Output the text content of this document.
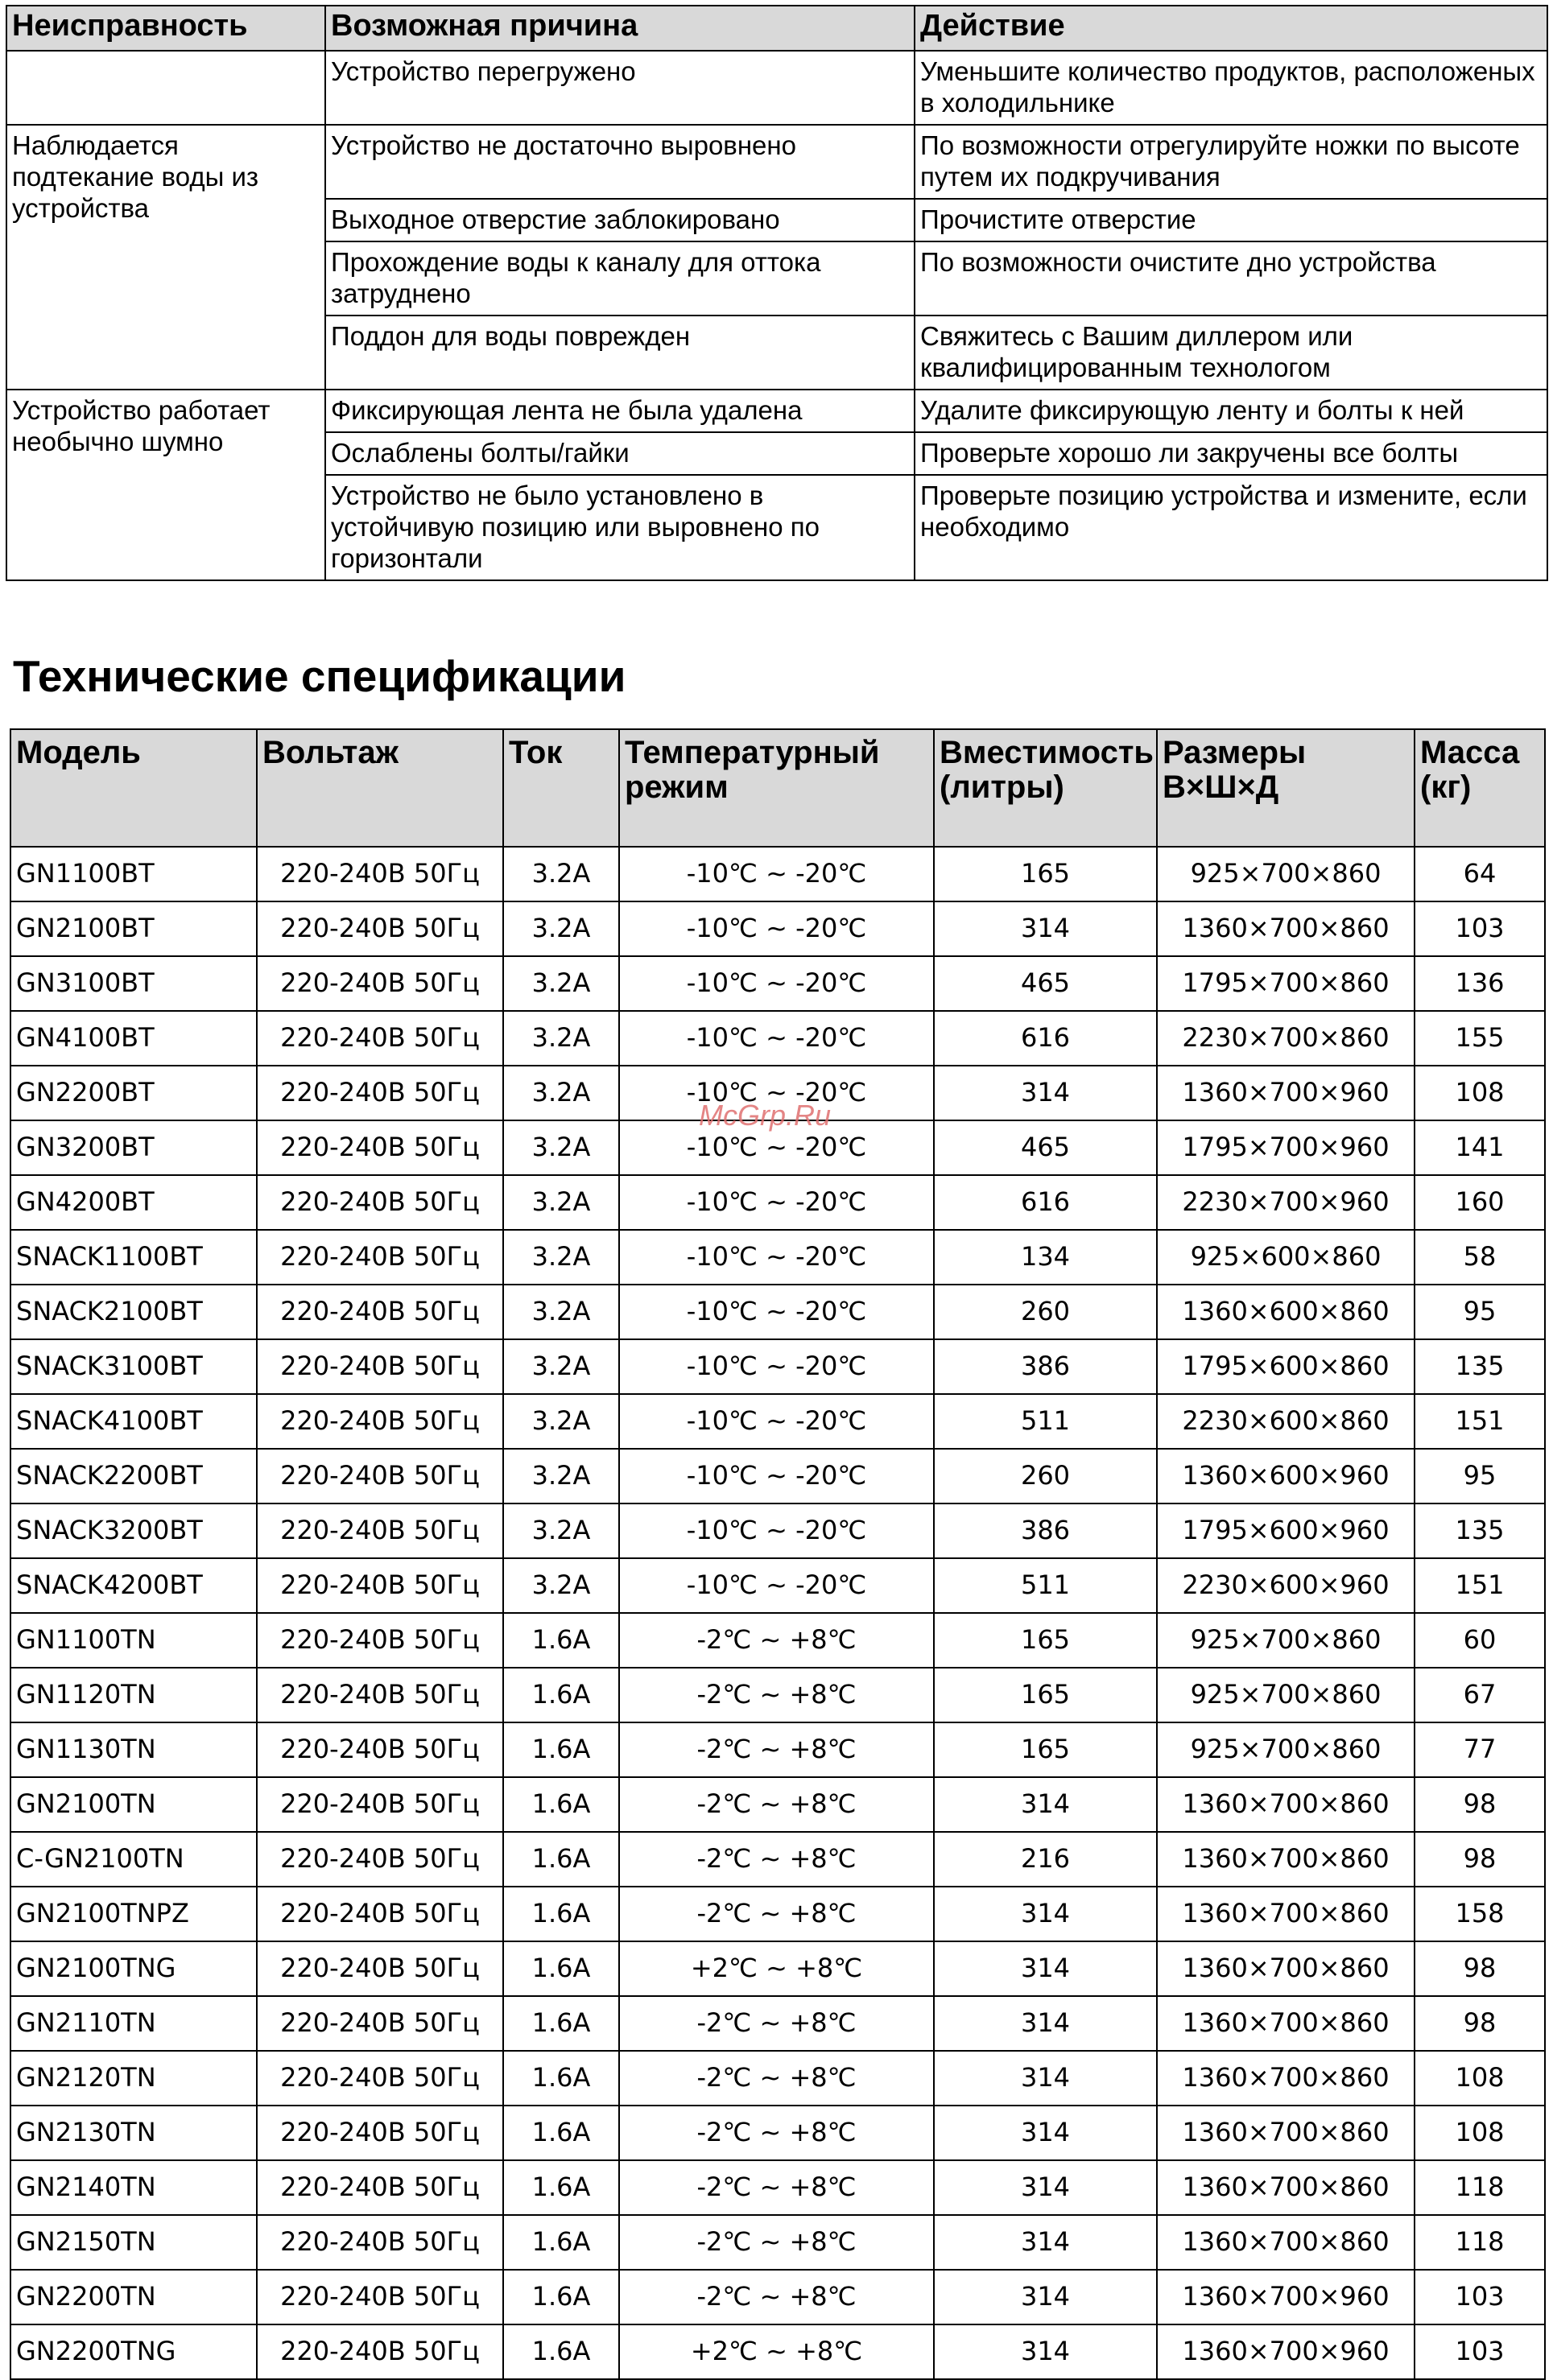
Неисправность	Возможная причина	Действие
	Устройство перегружено	Уменьшите количество продуктов, расположеных в холодильнике
Наблюдается подтекание воды из устройства	Устройство не достаточно выровнено	По возможности отрегулируйте ножки по высоте путем их подкручивания
	Выходное отверстие заблокировано	Прочистите отверстие
	Прохождение воды к каналу для оттока затруднено	По возможности очистите дно устройства
	Поддон для воды поврежден	Свяжитесь с Вашим диллером или квалифицированным технологом
Устройство работает необычно шумно	Фиксирующая лента не была удалена	Удалите фиксирующую ленту и болты к ней
	Ослаблены болты/гайки	Проверьте хорошо ли закручены все болты
	Устройство не было установлено в устойчивую позицию или выровнено по горизонтали	Проверьте позицию устройства и измените, если необходимо
Технические спецификации
Модель	Вольтаж	Ток	Температурный режим	Вместимость (литры)	Размеры В×Ш×Д	Масса (кг)
GN1100BT	220-240В 50Гц	3.2A	-10℃ ~ -20℃	165	925×700×860	64
GN2100BT	220-240В 50Гц	3.2A	-10℃ ~ -20℃	314	1360×700×860	103
GN3100BT	220-240В 50Гц	3.2A	-10℃ ~ -20℃	465	1795×700×860	136
GN4100BT	220-240В 50Гц	3.2A	-10℃ ~ -20℃	616	2230×700×860	155
GN2200BT	220-240В 50Гц	3.2A	-10℃ ~ -20℃	314	1360×700×960	108
GN3200BT	220-240В 50Гц	3.2A	-10℃ ~ -20℃	465	1795×700×960	141
GN4200BT	220-240В 50Гц	3.2A	-10℃ ~ -20℃	616	2230×700×960	160
SNACK1100BT	220-240В 50Гц	3.2A	-10℃ ~ -20℃	134	925×600×860	58
SNACK2100BT	220-240В 50Гц	3.2A	-10℃ ~ -20℃	260	1360×600×860	95
SNACK3100BT	220-240В 50Гц	3.2A	-10℃ ~ -20℃	386	1795×600×860	135
SNACK4100BT	220-240В 50Гц	3.2A	-10℃ ~ -20℃	511	2230×600×860	151
SNACK2200BT	220-240В 50Гц	3.2A	-10℃ ~ -20℃	260	1360×600×960	95
SNACK3200BT	220-240В 50Гц	3.2A	-10℃ ~ -20℃	386	1795×600×960	135
SNACK4200BT	220-240В 50Гц	3.2A	-10℃ ~ -20℃	511	2230×600×960	151
GN1100TN	220-240В 50Гц	1.6A	-2℃ ~ +8℃	165	925×700×860	60
GN1120TN	220-240В 50Гц	1.6A	-2℃ ~ +8℃	165	925×700×860	67
GN1130TN	220-240В 50Гц	1.6A	-2℃ ~ +8℃	165	925×700×860	77
GN2100TN	220-240В 50Гц	1.6A	-2℃ ~ +8℃	314	1360×700×860	98
C-GN2100TN	220-240В 50Гц	1.6A	-2℃ ~ +8℃	216	1360×700×860	98
GN2100TNPZ	220-240В 50Гц	1.6A	-2℃ ~ +8℃	314	1360×700×860	158
GN2100TNG	220-240В 50Гц	1.6A	+2℃ ~ +8℃	314	1360×700×860	98
GN2110TN	220-240В 50Гц	1.6A	-2℃ ~ +8℃	314	1360×700×860	98
GN2120TN	220-240В 50Гц	1.6A	-2℃ ~ +8℃	314	1360×700×860	108
GN2130TN	220-240В 50Гц	1.6A	-2℃ ~ +8℃	314	1360×700×860	108
GN2140TN	220-240В 50Гц	1.6A	-2℃ ~ +8℃	314	1360×700×860	118
GN2150TN	220-240В 50Гц	1.6A	-2℃ ~ +8℃	314	1360×700×860	118
GN2200TN	220-240В 50Гц	1.6A	-2℃ ~ +8℃	314	1360×700×960	103
GN2200TNG	220-240В 50Гц	1.6A	+2℃ ~ +8℃	314	1360×700×960	103
McGrp.Ru
